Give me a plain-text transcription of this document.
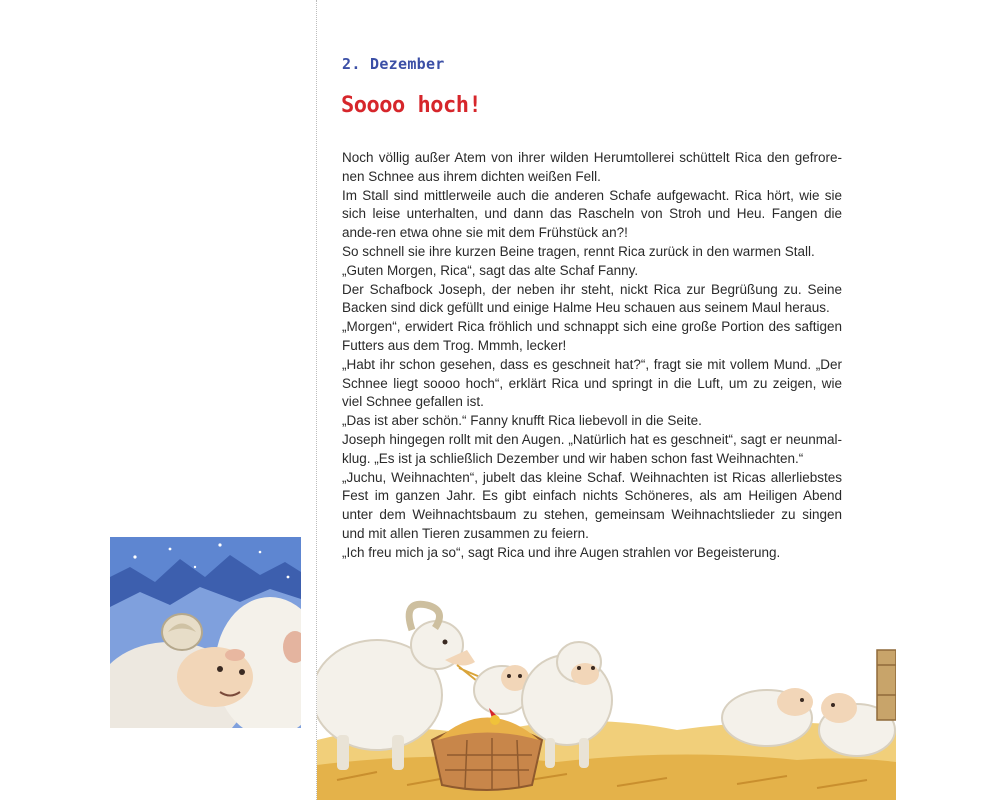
2. Dezember
Soooo hoch!

Noch völlig außer Atem von ihrer wilden Herumtollerei schüttelt Rica den gefrore-nen Schnee aus ihrem dichten weißen Fell.

Im Stall sind mittlerweile auch die anderen Schafe aufgewacht. Rica hört, wie sie sich leise unterhalten, und dann das Rascheln von Stroh und Heu. Fangen die ande-ren etwa ohne sie mit dem Frühstück an?!

So schnell sie ihre kurzen Beine tragen, rennt Rica zurück in den warmen Stall.

„Guten Morgen, Rica“, sagt das alte Schaf Fanny.

Der Schafbock Joseph, der neben ihr steht, nickt Rica zur Begrüßung zu. Seine Backen sind dick gefüllt und einige Halme Heu schauen aus seinem Maul heraus.

„Morgen“, erwidert Rica fröhlich und schnappt sich eine große Portion des saftigen Futters aus dem Trog. Mmmh, lecker!

„Habt ihr schon gesehen, dass es geschneit hat?“, fragt sie mit vollem Mund. „Der Schnee liegt soooo hoch“, erklärt Rica und springt in die Luft, um zu zeigen, wie viel Schnee gefallen ist.

„Das ist aber schön.“ Fanny knufft Rica liebevoll in die Seite.

Joseph hingegen rollt mit den Augen. „Natürlich hat es geschneit“, sagt er neunmal-klug. „Es ist ja schließlich Dezember und wir haben schon fast Weihnachten.“

„Juchu, Weihnachten“, jubelt das kleine Schaf. Weihnachten ist Ricas allerliebstes Fest im ganzen Jahr. Es gibt einfach nichts Schöneres, als am Heiligen Abend unter dem Weihnachtsbaum zu stehen, gemeinsam Weihnachtslieder zu singen und mit allen Tieren zusammen zu feiern.

„Ich freu mich ja so“, sagt Rica und ihre Augen strahlen vor Begeisterung.
